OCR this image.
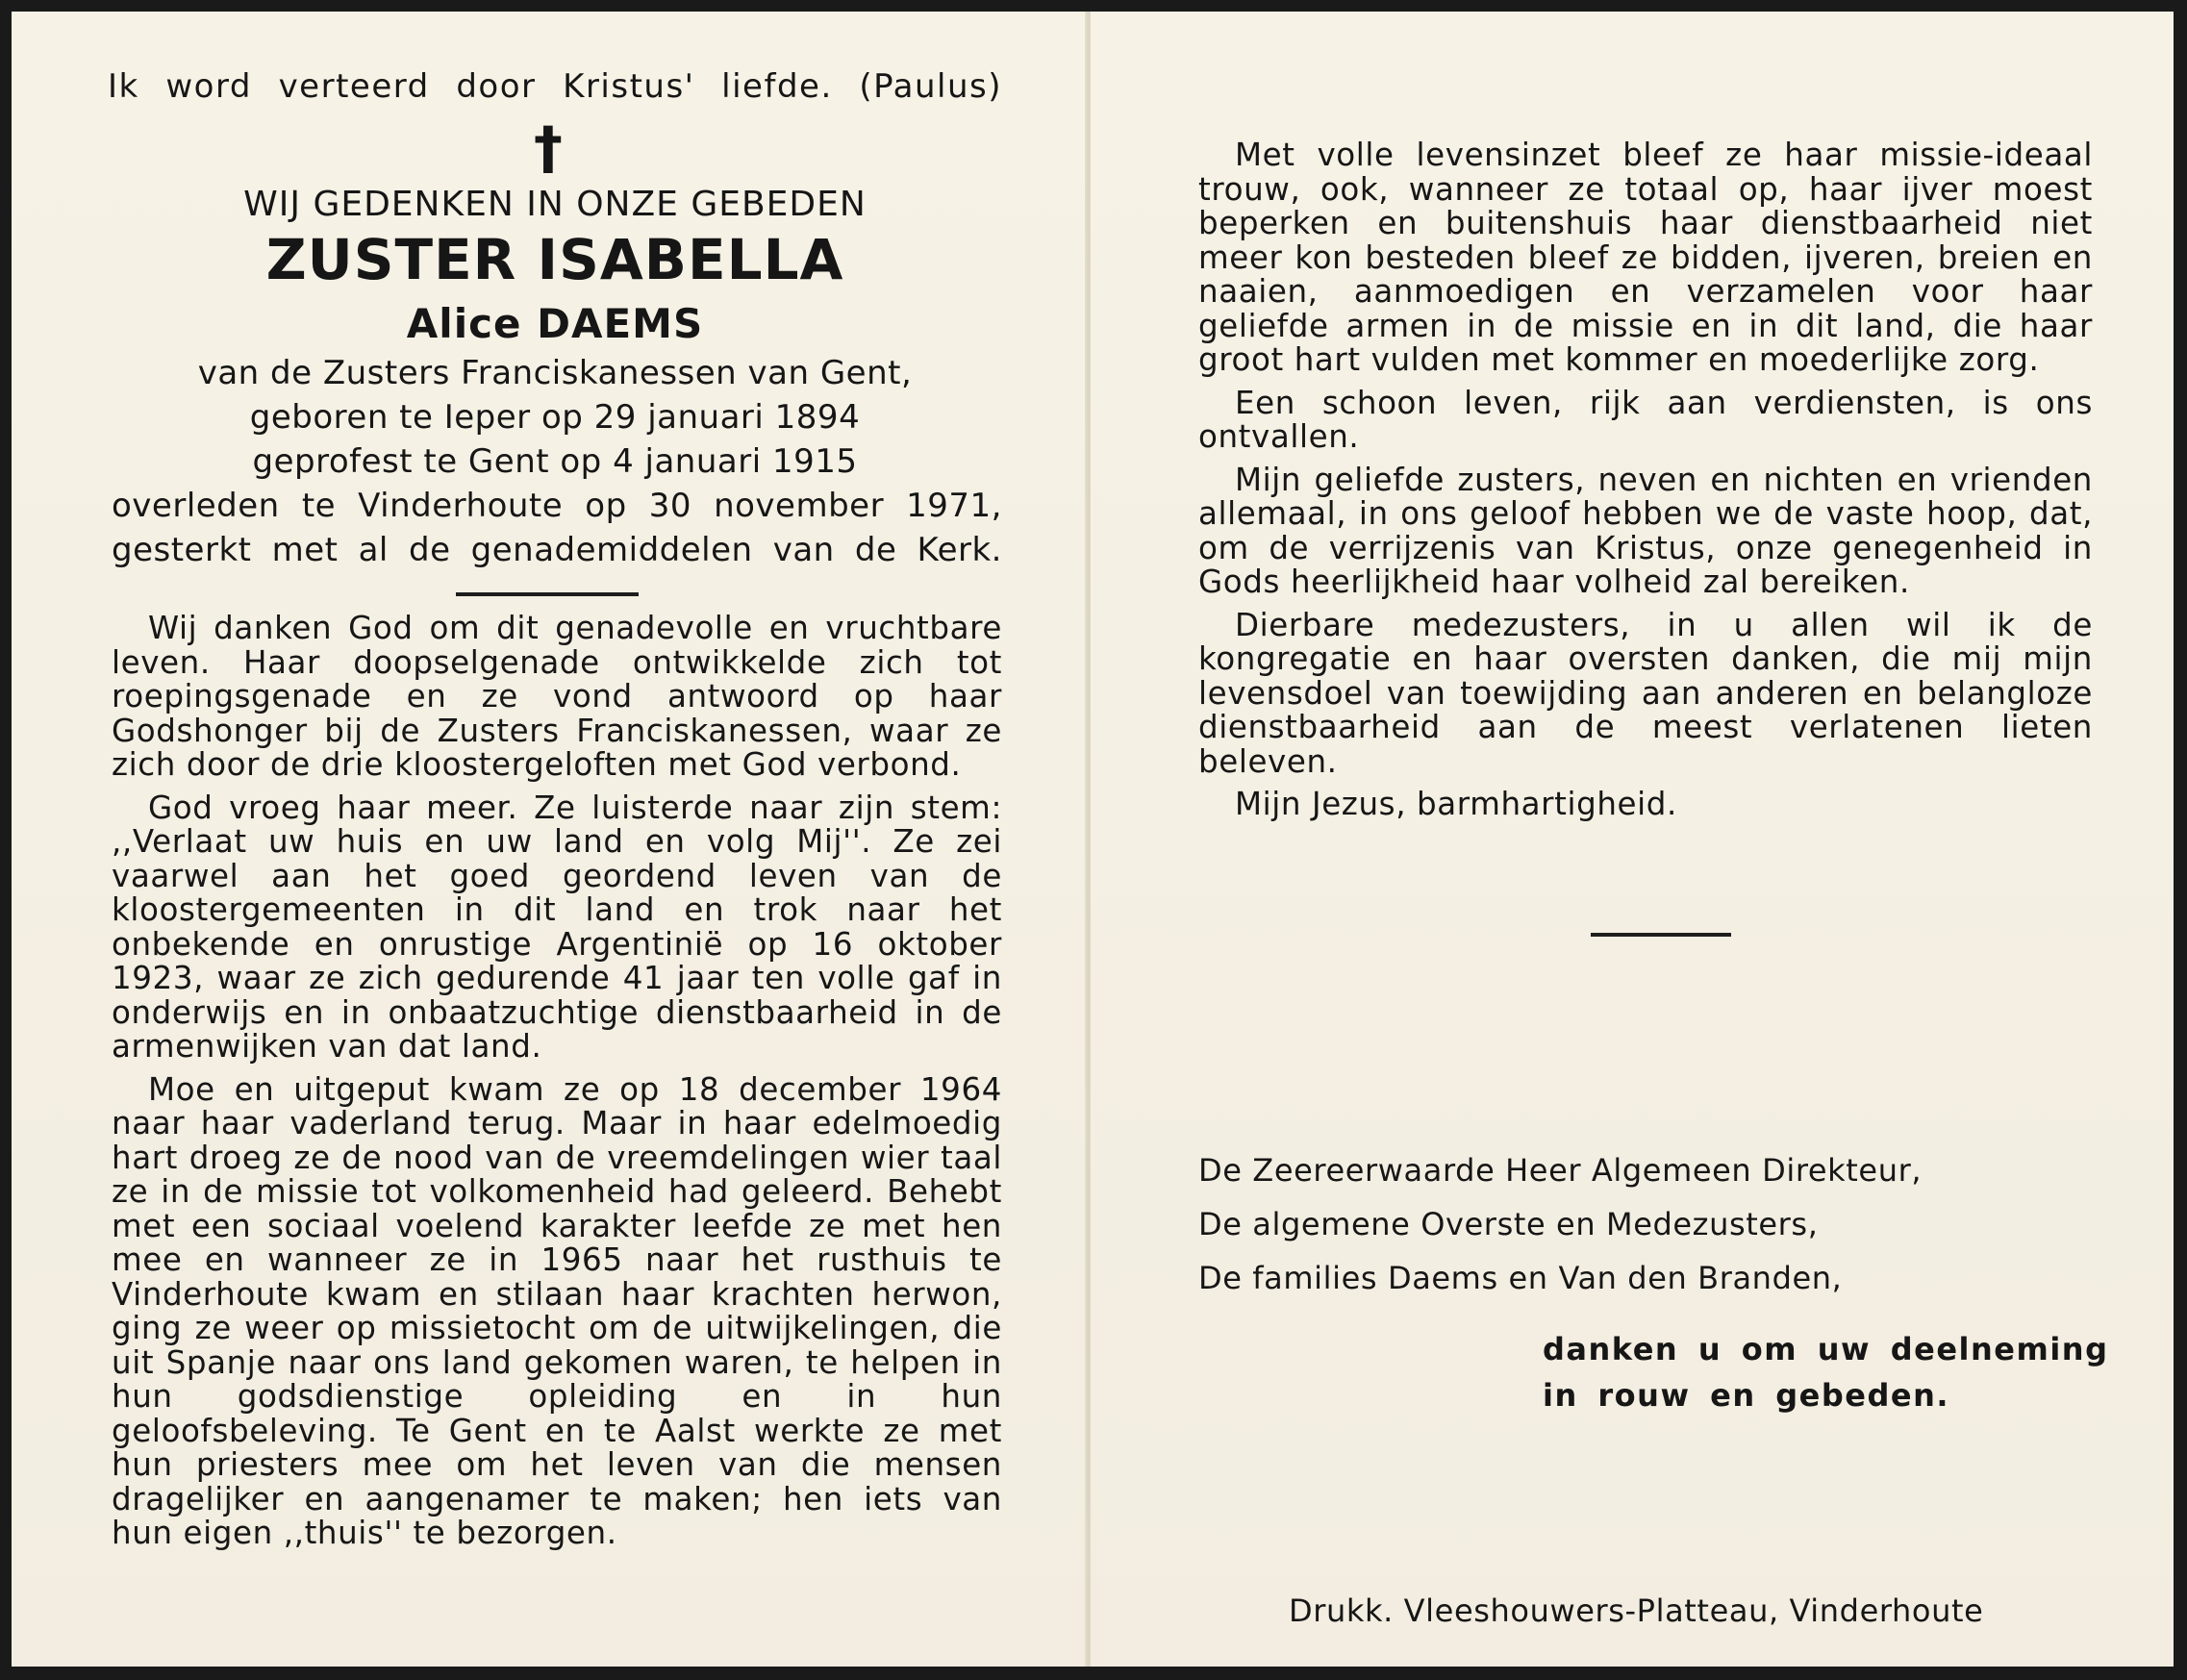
Ik word verteerd door Kristus' liefde. (Paulus)
†
WIJ GEDENKEN IN ONZE GEBEDEN
ZUSTER ISABELLA
Alice DAEMS
van de Zusters Franciskanessen van Gent,
geboren te Ieper op 29 januari 1894
geprofest te Gent op 4 januari 1915
overleden te Vinderhoute op 30 november 1971,
gesterkt met al de genademiddelen van de Kerk.

Wij danken God om dit genadevolle en vruchtbare leven. Haar doopselgenade ontwikkelde zich tot roepingsgenade en ze vond antwoord op haar Godshonger bij de Zusters Franciskanessen, waar ze zich door de drie kloostergeloften met God verbond.

God vroeg haar meer. Ze luisterde naar zijn stem: ,,Verlaat uw huis en uw land en volg Mij''. Ze zei vaarwel aan het goed geordend leven van de kloostergemeenten in dit land en trok naar het onbekende en onrustige Argentinië op 16 oktober 1923, waar ze zich gedurende 41 jaar ten volle gaf in onderwijs en in onbaatzuchtige dienstbaarheid in de armenwijken van dat land.

Moe en uitgeput kwam ze op 18 december 1964 naar haar vaderland terug. Maar in haar edelmoedig hart droeg ze de nood van de vreemdelingen wier taal ze in de missie tot volkomenheid had geleerd. Behebt met een sociaal voelend karakter leefde ze met hen mee en wanneer ze in 1965 naar het rusthuis te Vinderhoute kwam en stilaan haar krachten herwon, ging ze weer op missietocht om de uitwijkelingen, die uit Spanje naar ons land gekomen waren, te helpen in hun godsdienstige opleiding en in hun geloofsbeleving. Te Gent en te Aalst werkte ze met hun priesters mee om het leven van die mensen dragelijker en aangenamer te maken; hen iets van hun eigen ,,thuis'' te bezorgen.

Met volle levensinzet bleef ze haar missie-ideaal trouw, ook, wanneer ze totaal op, haar ijver moest beperken en buitenshuis haar dienstbaarheid niet meer kon besteden bleef ze bidden, ijveren, breien en naaien, aanmoedigen en verzamelen voor haar geliefde armen in de missie en in dit land, die haar groot hart vulden met kommer en moederlijke zorg.

Een schoon leven, rijk aan verdiensten, is ons ontvallen.

Mijn geliefde zusters, neven en nichten en vrienden allemaal, in ons geloof hebben we de vaste hoop, dat, om de verrijzenis van Kristus, onze genegenheid in Gods heerlijkheid haar volheid zal bereiken.

Dierbare medezusters, in u allen wil ik de kongregatie en haar oversten danken, die mij mijn levensdoel van toewijding aan anderen en belangloze dienstbaarheid aan de meest verlatenen lieten beleven.

Mijn Jezus, barmhartigheid.

De Zeereerwaarde Heer Algemeen Direkteur,
De algemene Overste en Medezusters,
De families Daems en Van den Branden,
danken u om uw deelneming
in rouw en gebeden.
Drukk. Vleeshouwers-Platteau, Vinderhoute
